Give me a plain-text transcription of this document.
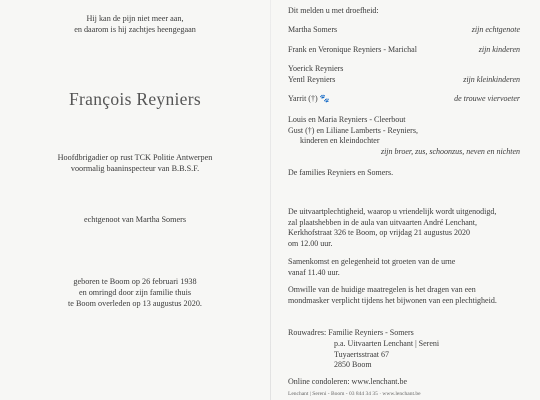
Hij kan de pijn niet meer aan,
en daarom is hij zachtjes heengegaan
François Reyniers
Hoofdbrigadier op rust TCK Politie Antwerpen
voormalig baaninspecteur van B.B.S.F.
echtgenoot van Martha Somers
geboren te Boom op 26 februari 1938
en omringd door zijn familie thuis
te Boom overleden op 13 augustus 2020.
Dit melden u met droefheid:
Martha Somers	zijn echtgenote
Frank en Veronique Reyniers - Marichal	zijn kinderen
Yoerick Reyniers
Yentl Reyniers	zijn kleinkinderen
Yarrit (†) 🐾	de trouwe viervoeter
Louis en Maria Reyniers - Cleerbout
Gust (†) en Liliane Lamberts - Reyniers,
kinderen en kleindochter
zijn broer, zus, schoonzus, neven en nichten
De families Reyniers en Somers.
De uitvaartplechtigheid, waarop u vriendelijk wordt uitgenodigd,
zal plaatshebben in de aula van uitvaarten André Lenchant,
Kerkhofstraat 326 te Boom, op vrijdag 21 augustus 2020
om 12.00 uur.
Samenkomst en gelegenheid tot groeten van de urne
vanaf 11.40 uur.
Omwille van de huidige maatregelen is het dragen van een
mondmasker verplicht tijdens het bijwonen van een plechtigheid.
Rouwadres: Familie Reyniers - Somers
p.a. Uitvaarten Lenchant | Sereni
Tuyaertsstraat 67
2850 Boom
Online condoleren: www.lenchant.be
Lenchant | Sereni - Boom - 03 844 34 35 · www.lenchant.be
